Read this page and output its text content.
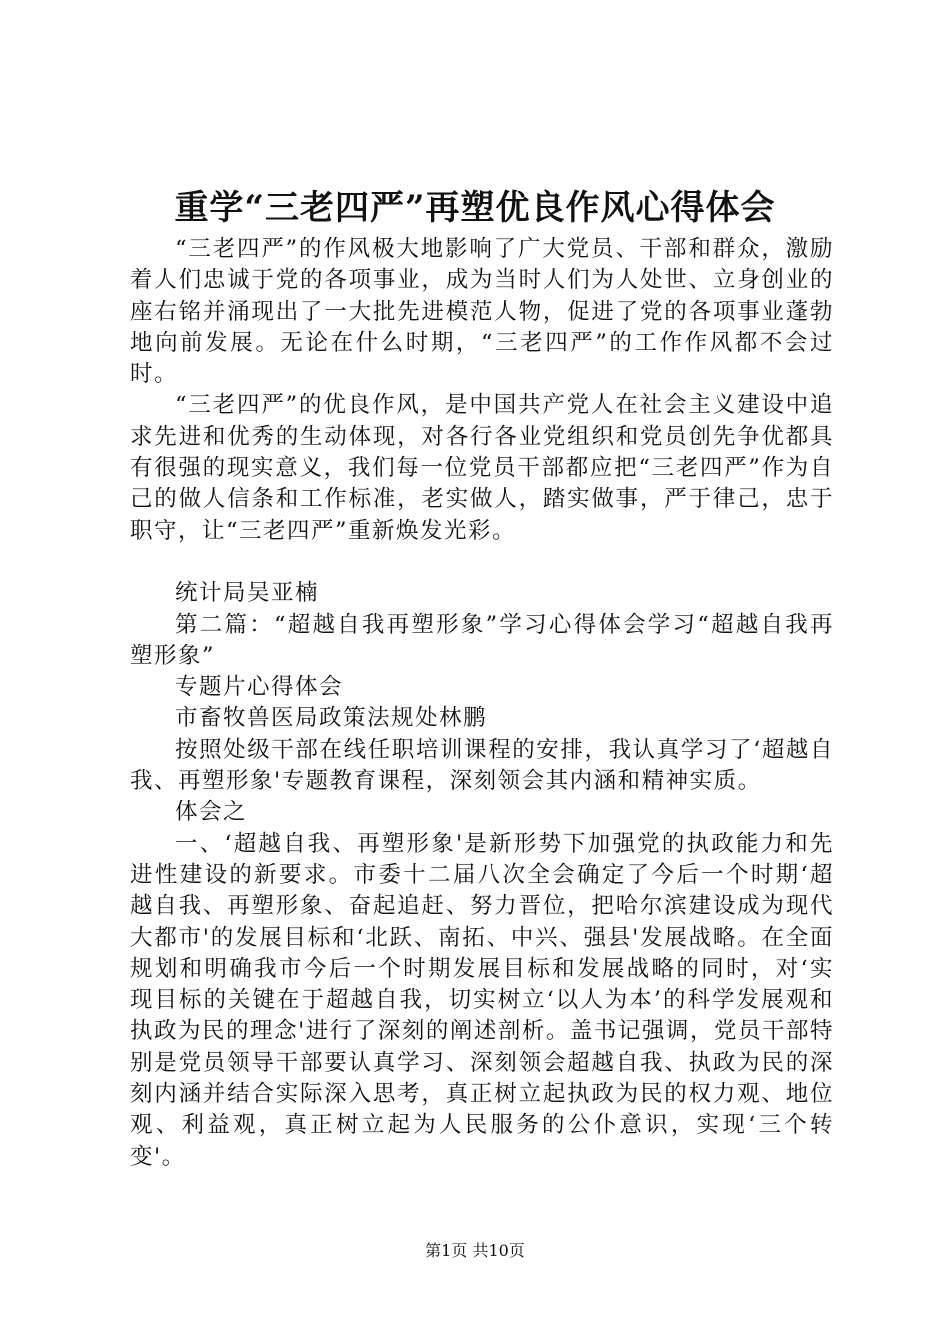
重学“三老四严”再塑优良作风心得体会

“三老四严”的作风极大地影响了广大党员、干部和群众，激励着人们忠诚于党的各项事业，成为当时人们为人处世、立身创业的座右铭并涌现出了一大批先进模范人物，促进了党的各项事业蓬勃地向前发展。无论在什么时期，“三老四严”的工作作风都不会过时。

“三老四严”的优良作风，是中国共产党人在社会主义建设中追求先进和优秀的生动体现，对各行各业党组织和党员创先争优都具有很强的现实意义，我们每一位党员干部都应把“三老四严”作为自己的做人信条和工作标准，老实做人，踏实做事，严于律己，忠于职守，让“三老四严”重新焕发光彩。

统计局吴亚楠

第二篇：“超越自我再塑形象”学习心得体会学习“超越自我再塑形象”

专题片心得体会

市畜牧兽医局政策法规处林鹏

按照处级干部在线任职培训课程的安排，我认真学习了‘超越自我、再塑形象'专题教育课程，深刻领会其内涵和精神实质。

体会之

一、‘超越自我、再塑形象'是新形势下加强党的执政能力和先进性建设的新要求。市委十二届八次全会确定了今后一个时期‘超越自我、再塑形象、奋起追赶、努力晋位，把哈尔滨建设成为现代大都市'的发展目标和‘北跃、南拓、中兴、强县'发展战略。在全面规划和明确我市今后一个时期发展目标和发展战略的同时，对‘实现目标的关键在于超越自我，切实树立‘以人为本’的科学发展观和执政为民的理念'进行了深刻的阐述剖析。盖书记强调，党员干部特别是党员领导干部要认真学习、深刻领会超越自我、执政为民的深刻内涵并结合实际深入思考，真正树立起执政为民的权力观、地位观、利益观，真正树立起为人民服务的公仆意识，实现‘三个转变'。

第1页 共10页
